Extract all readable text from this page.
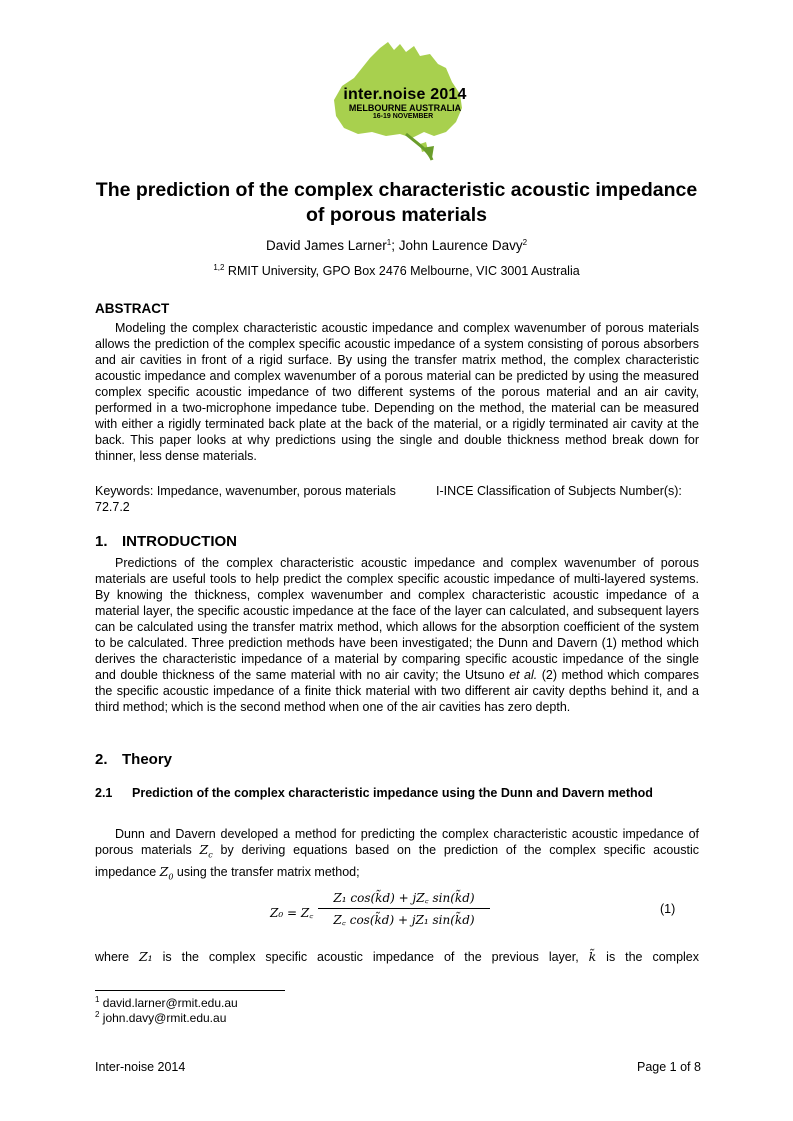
inter.noise 2014
MELBOURNE AUSTRALIA
16-19 NOVEMBER
The prediction of the complex characteristic acoustic impedance of porous materials
David James Larner$^1$; John Laurence Davy$^2$
$^{1,2}$ RMIT University, GPO Box 2476 Melbourne, VIC 3001 Australia
ABSTRACT
Modeling the complex characteristic acoustic impedance and complex wavenumber of porous materials allows the prediction of the complex specific acoustic impedance of a system consisting of porous absorbers and air cavities in front of a rigid surface. By using the transfer matrix method, the complex characteristic acoustic impedance and complex wavenumber of a porous material can be predicted by using the measured complex specific acoustic impedance of two different systems of the porous material and an air cavity, performed in a two-microphone impedance tube. Depending on the method, the material can be measured with either a rigidly terminated back plate at the back of the material, or a rigidly terminated air cavity at the back. This paper looks at why predictions using the single and double thickness method break down for thinner, less dense materials.
Keywords: Impedance, wavenumber, porous materials	I-INCE Classification of Subjects Number(s):
72.7.2
1. INTRODUCTION
Predictions of the complex characteristic acoustic impedance and complex wavenumber of porous materials are useful tools to help predict the complex specific acoustic impedance of multi-layered systems. By knowing the thickness, complex wavenumber and complex characteristic acoustic impedance of a material layer, the specific acoustic impedance at the face of the layer can calculated, and subsequent layers can be calculated using the transfer matrix method, which allows for the absorption coefficient of the system to be calculated. Three prediction methods have been investigated; the Dunn and Davern (1) method which derives the characteristic impedance of a material by comparing specific acoustic impedance of the single and double thickness of the same material with no air cavity; the Utsuno et al. (2) method which compares the specific acoustic impedance of a finite thick material with two different air cavity depths behind it, and a third method; which is the second method when one of the air cavities has zero depth.
2. Theory
2.1 Prediction of the complex characteristic impedance using the Dunn and Davern method
Dunn and Davern developed a method for predicting the complex characteristic acoustic impedance of porous materials $Z_c$ by deriving equations based on the prediction of the complex specific acoustic impedance $Z_0$ using the transfer matrix method;
Z₀ = Z꜀
Z₁ cos(k̃d) + jZ꜀ sin(k̃d)
Z꜀ cos(k̃d) + jZ₁ sin(k̃d)
(1)
where Z₁ is the complex specific acoustic impedance of the previous layer, k̃ is the complex
$^1$ david.larner@rmit.edu.au
$^2$ john.davy@rmit.edu.au
Inter-noise 2014	Page 1 of 8
